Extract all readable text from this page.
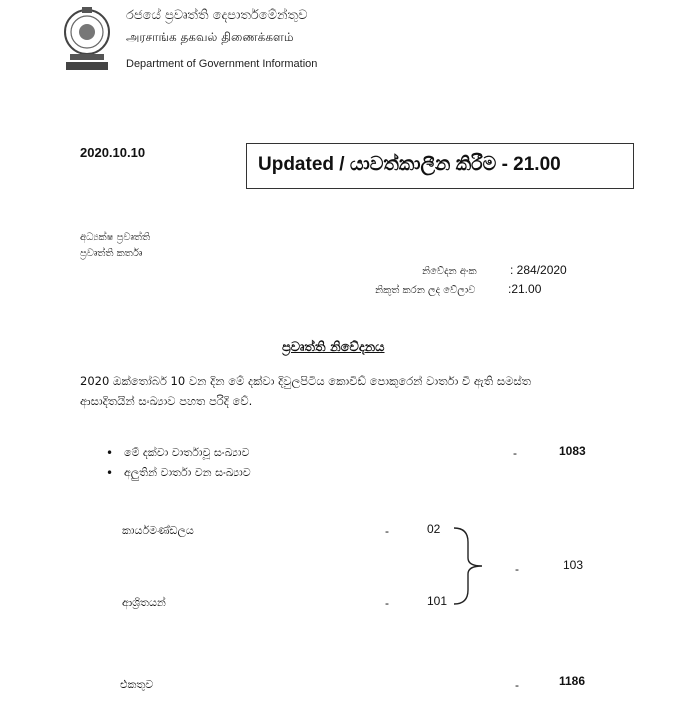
රජයේ ප්‍රවෘත්ති දෙපාර්තමේන්තුව
அரசாங்க தகவல் திணைக்களம்
Department of Government Information
2020.10.10
Updated / යාවත්කාලීන කිරීම - 21.00
අධ්‍යක්ෂ ප්‍රවෘත්ති
ප්‍රවෘත්ති කර්තෘ
නිවේදන අංක	: 284/2020
නිකුත් කරන ලද වේලාව	:21.00
ප්‍රවෘත්ති නිවේදනය
2020 ඔක්තෝබර් 10 වන දින මේ දක්වා දිවුලපිටිය කොවිඩ් පොකුරෙන් වාර්තා වී ඇති සමස්ත
ආසාදිතයින් සංඛ්‍යාව පහත පරිදි වේ.
• මේ දක්වා වාර්තාවූ සංඛ්‍යාව	-	1083
• අලුතින් වාර්තා වන සංඛ්‍යාව
කාර්යමණ්ඩලය	-	02
ආශ්‍රිතයන්	-	101
-	103
එකතුව	-	1186
